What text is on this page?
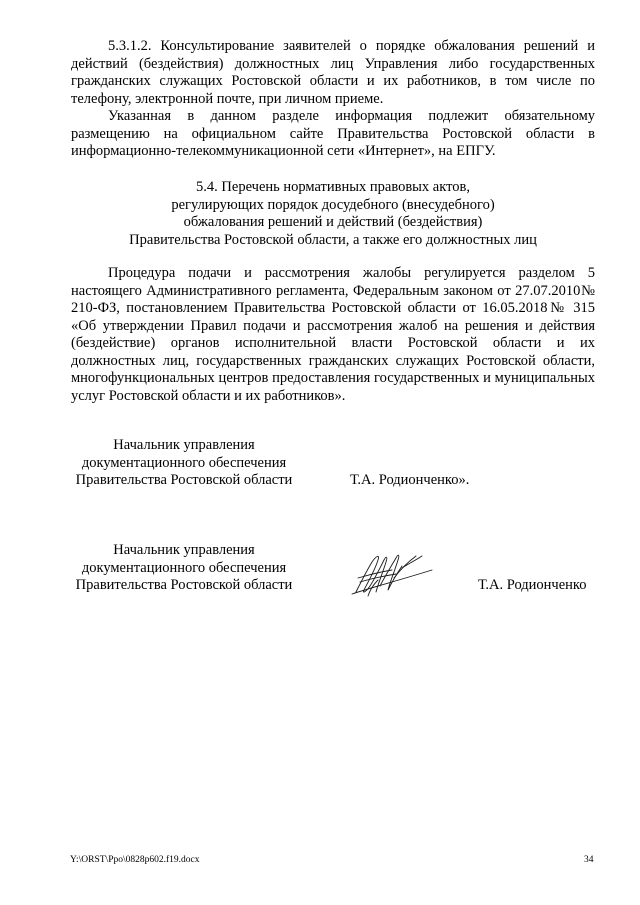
5.3.1.2. Консультирование заявителей о порядке обжалования решений и действий (бездействия) должностных лиц Управления либо государственных гражданских служащих Ростовской области и их работников, в том числе по телефону, электронной почте, при личном приеме.

Указанная в данном разделе информация подлежит обязательному размещению на официальном сайте Правительства Ростовской области в информационно-телекоммуникационной сети «Интернет», на ЕПГУ.

5.4. Перечень нормативных правовых актов,
регулирующих порядок досудебного (внесудебного)
обжалования решений и действий (бездействия)
Правительства Ростовской области, а также его должностных лиц

Процедура подачи и рассмотрения жалобы регулируется разделом 5 настоящего Административного регламента, Федеральным законом от 27.07.2010№ 210-ФЗ, постановлением Правительства Ростовской области от 16.05.2018№ 315 «Об утверждении Правил подачи и рассмотрения жалоб на решения и действия (бездействие) органов исполнительной власти Ростовской области и их должностных лиц, государственных гражданских служащих Ростовской области, многофункциональных центров предоставления государственных и муниципальных услуг Ростовской области и их работников».

Начальник управления
документационного обеспечения
Правительства Ростовской области	Т.А. Родионченко».
Начальник управления
документационного обеспечения
Правительства Ростовской области	Т.А. Родионченко
Y:\ORST\Ppo\0828p602.f19.docx	34
